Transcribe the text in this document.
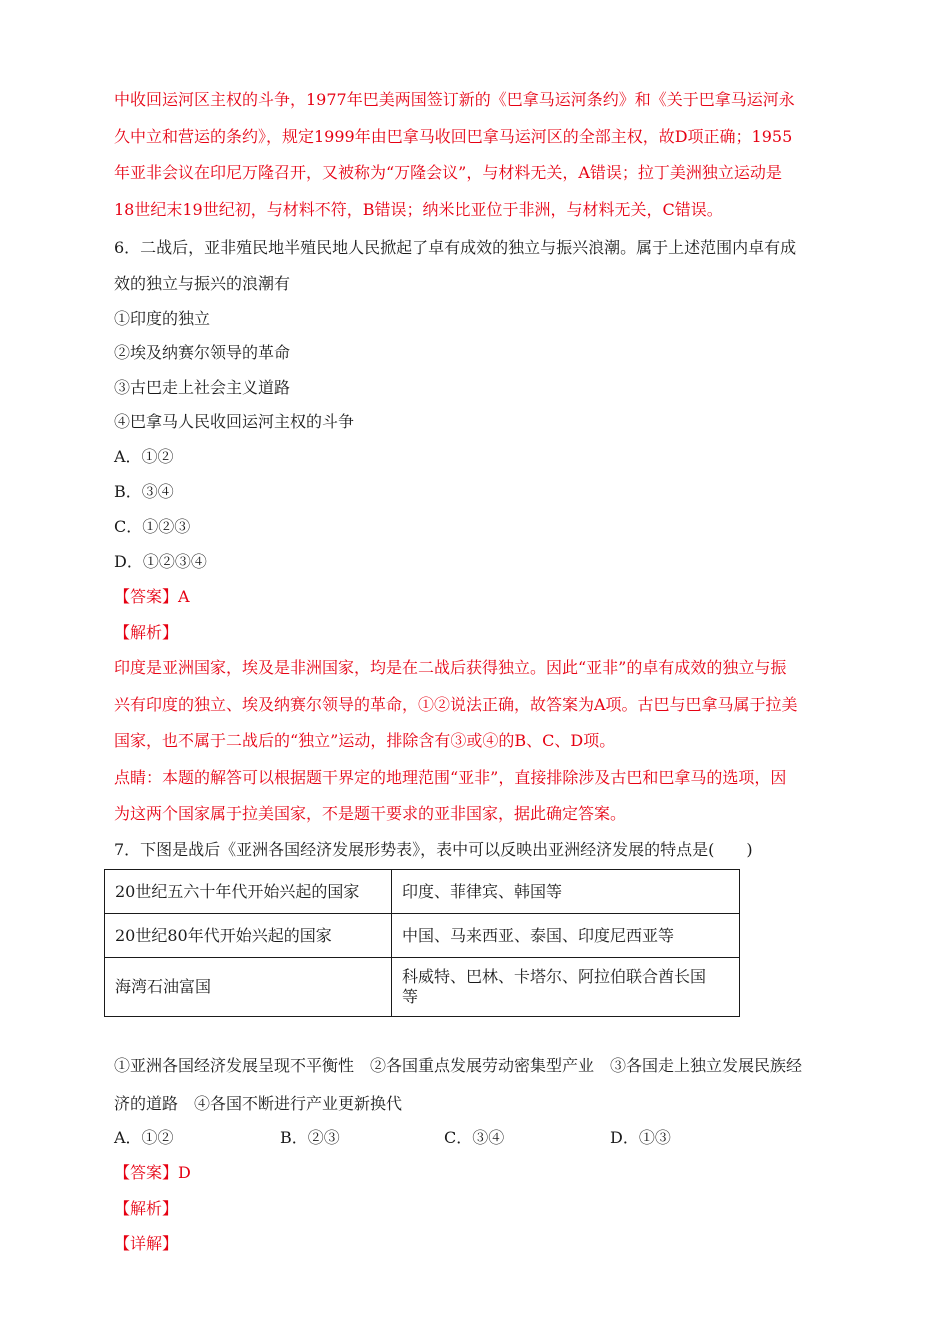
中收回运河区主权的斗争，1977年巴美两国签订新的《巴拿马运河条约》和《关于巴拿马运河永
久中立和营运的条约》，规定1999年由巴拿马收回巴拿马运河区的全部主权，故D项正确；1955
年亚非会议在印尼万隆召开，又被称为“万隆会议”，与材料无关，A错误；拉丁美洲独立运动是
18世纪末19世纪初，与材料不符，B错误；纳米比亚位于非洲，与材料无关，C错误。
6．二战后，亚非殖民地半殖民地人民掀起了卓有成效的独立与振兴浪潮。属于上述范围内卓有成
效的独立与振兴的浪潮有
①印度的独立
②埃及纳赛尔领导的革命
③古巴走上社会主义道路
④巴拿马人民收回运河主权的斗争
A．①②
B．③④
C．①②③
D．①②③④
【答案】A
【解析】
印度是亚洲国家，埃及是非洲国家，均是在二战后获得独立。因此“亚非”的卓有成效的独立与振
兴有印度的独立、埃及纳赛尔领导的革命，①②说法正确，故答案为A项。古巴与巴拿马属于拉美
国家，也不属于二战后的“独立”运动，排除含有③或④的B、C、D项。
点睛：本题的解答可以根据题干界定的地理范围“亚非”，直接排除涉及古巴和巴拿马的选项，因
为这两个国家属于拉美国家，不是题干要求的亚非国家，据此确定答案。
7．下图是战后《亚洲各国经济发展形势表》，表中可以反映出亚洲经济发展的特点是(　　)
20世纪五六十年代开始兴起的国家	印度、菲律宾、韩国等
20世纪80年代开始兴起的国家	中国、马来西亚、泰国、印度尼西亚等
海湾石油富国	科威特、巴林、卡塔尔、阿拉伯联合酋长国
等
①亚洲各国经济发展呈现不平衡性　②各国重点发展劳动密集型产业　③各国走上独立发展民族经
济的道路　④各国不断进行产业更新换代
A．①②	B．②③	C．③④	D．①③
【答案】D
【解析】
【详解】
